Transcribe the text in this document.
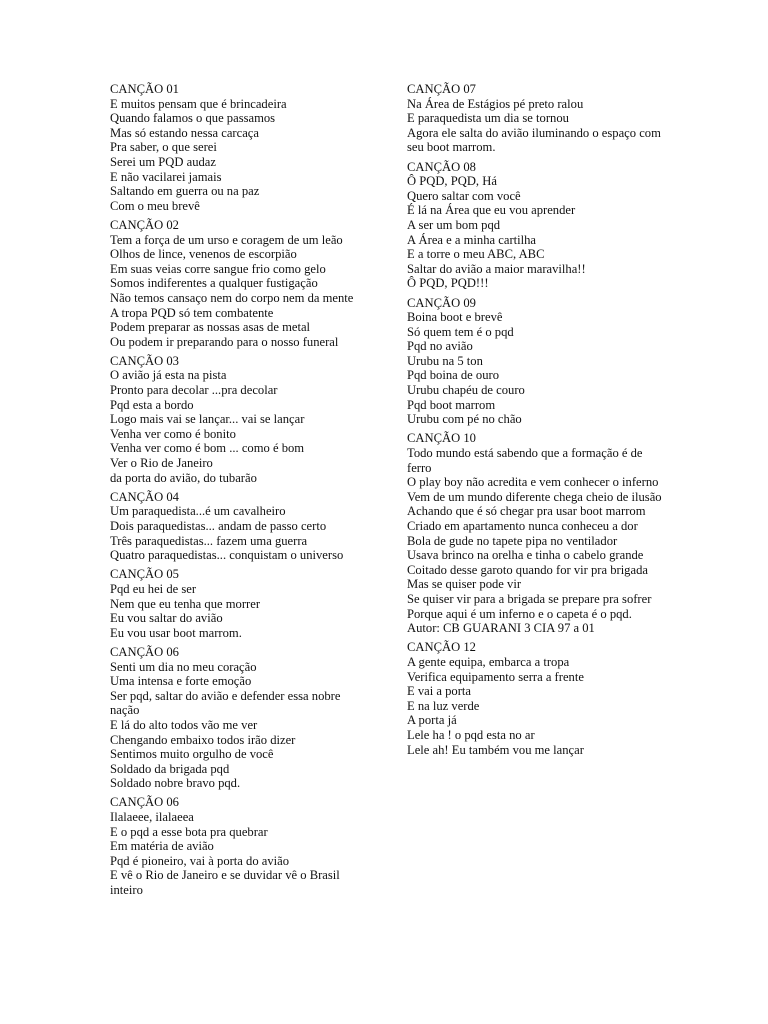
CANÇÃO 01
E muitos pensam que é brincadeira
Quando falamos o que passamos
Mas só estando nessa carcaça
Pra saber, o que serei
Serei um PQD audaz
E não vacilarei jamais
Saltando em guerra ou na paz
Com o meu brevê
CANÇÃO 02
Tem a força de um urso e coragem de um leão
Olhos de lince, venenos de escorpião
Em suas veias corre sangue frio como gelo
Somos indiferentes a qualquer fustigação
Não temos cansaço nem do corpo nem da mente
A tropa PQD só tem combatente
Podem preparar as nossas asas de metal
Ou podem ir preparando para o nosso funeral
CANÇÃO 03
O avião já esta na pista
Pronto para decolar ...pra decolar
Pqd esta a bordo
Logo mais vai se lançar... vai se lançar
Venha ver como é bonito
Venha ver como é bom ... como é bom
Ver o Rio de Janeiro
da porta do avião, do tubarão
CANÇÃO 04
Um paraquedista...é um cavalheiro
Dois paraquedistas... andam de passo certo
Três paraquedistas... fazem uma guerra
Quatro paraquedistas... conquistam o universo
CANÇÃO 05
Pqd eu hei de ser
Nem que eu tenha que morrer
Eu vou saltar do avião
Eu vou usar boot marrom.
CANÇÃO 06
Senti um dia no meu coração
Uma intensa e forte emoção
Ser pqd, saltar do avião e defender essa nobre nação
E lá do alto todos vão me ver
Chengando embaixo todos irão dizer
Sentimos muito orgulho de você
Soldado da brigada pqd
Soldado nobre bravo pqd.
CANÇÃO 06
Ilalaeee, ilalaeea
E o pqd a esse bota pra quebrar
Em matéria de avião
Pqd é pioneiro, vai à porta do avião
E vê o Rio de Janeiro e se duvidar vê o Brasil inteiro
CANÇÃO 07
Na Área de Estágios pé preto ralou
E paraquedista um dia se tornou
Agora ele salta do avião iluminando o espaço com seu boot marrom.
CANÇÃO 08
Ô PQD, PQD, Há
Quero saltar com você
É lá na Área que eu vou aprender
A ser um bom pqd
A Área e a minha cartilha
E a torre o meu ABC, ABC
Saltar do avião a maior maravilha!!
Ô PQD, PQD!!!
CANÇÃO 09
Boina boot e brevê
Só quem tem é o pqd
Pqd no avião
Urubu na 5 ton
Pqd boina de ouro
Urubu chapéu de couro
Pqd boot marrom
Urubu com pé no chão
CANÇÃO 10
Todo mundo está sabendo que a formação é de ferro
O play boy não acredita e vem conhecer o inferno
Vem de um mundo diferente chega cheio de ilusão
Achando que é só chegar pra usar boot marrom
Criado em apartamento nunca conheceu a dor
Bola de gude no tapete pipa no ventilador
Usava brinco na orelha e tinha o cabelo grande
Coitado desse garoto quando for vir pra brigada
Mas se quiser pode vir
Se quiser vir para a brigada se prepare pra sofrer
Porque aqui é um inferno e o capeta é o pqd.
Autor: CB GUARANI 3 CIA 97 a 01
CANÇÃO 12
A gente equipa, embarca a tropa
Verifica equipamento serra a frente
E vai a porta
E na luz verde
A porta já
Lele ha ! o pqd esta no ar
Lele ah! Eu também vou me lançar
